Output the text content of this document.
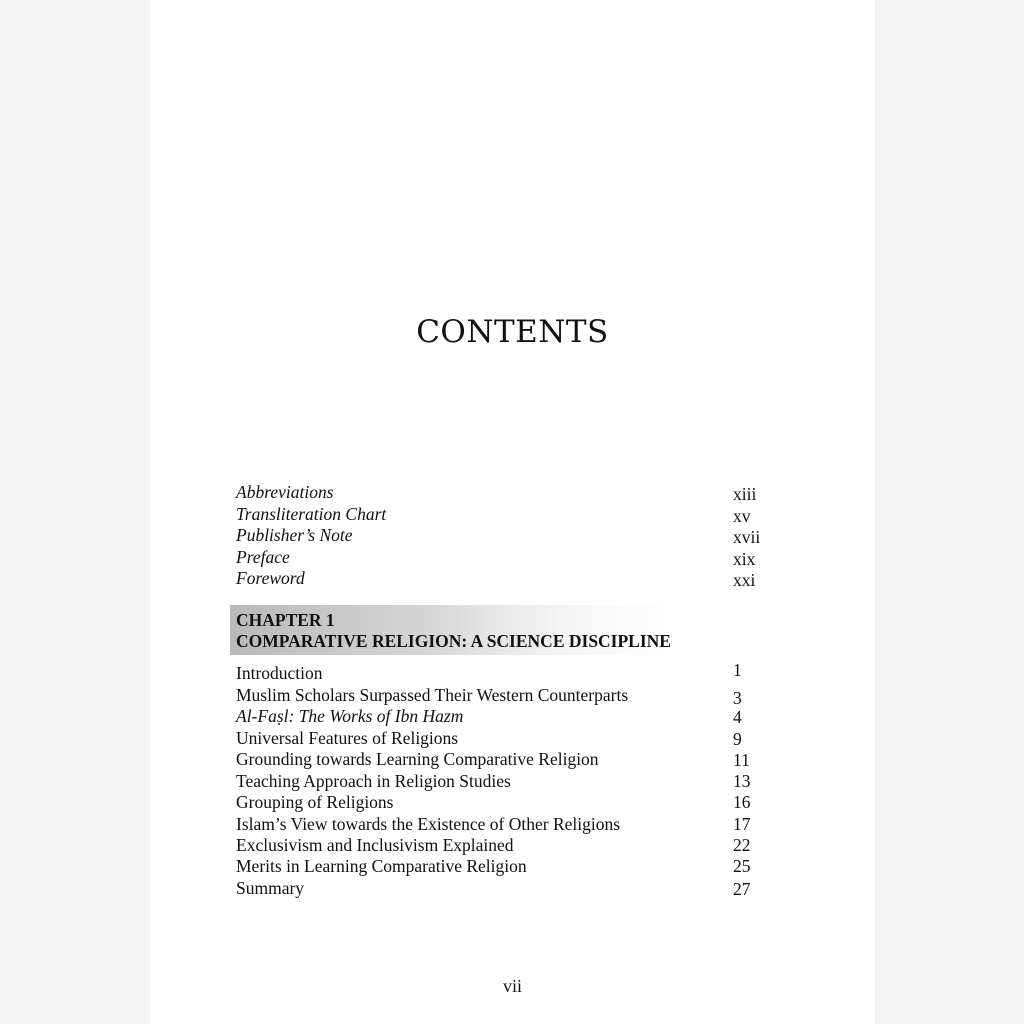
CONTENTS
Abbreviations	xiii
Transliteration Chart	xv
Publisher’s Note	xvii
Preface	xix
Foreword	xxi
CHAPTER 1
COMPARATIVE RELIGION: A SCIENCE DISCIPLINE
Introduction	1
Muslim Scholars Surpassed Their Western Counterparts	3
Al-Faṣl: The Works of Ibn Hazm	4
Universal Features of Religions	9
Grounding towards Learning Comparative Religion	11
Teaching Approach in Religion Studies	13
Grouping of Religions	16
Islam’s View towards the Existence of Other Religions	17
Exclusivism and Inclusivism Explained	22
Merits in Learning Comparative Religion	25
Summary	27
vii
